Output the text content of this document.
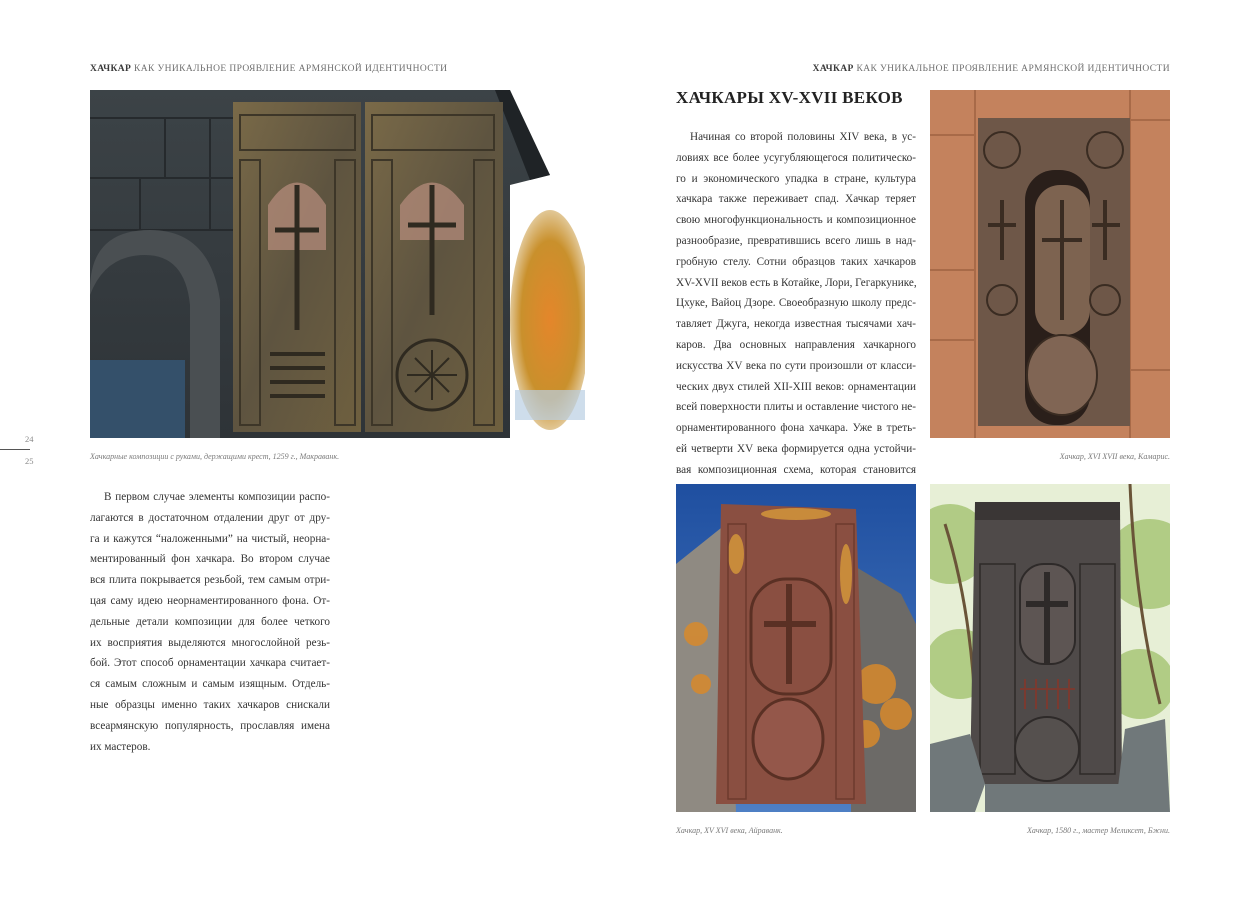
ХАЧКАР КАК УНИКАЛЬНОЕ ПРОЯВЛЕНИЕ АРМЯНСКОЙ ИДЕНТИЧНОСТИ	ХАЧКАР КАК УНИКАЛЬНОЕ ПРОЯВЛЕНИЕ АРМЯНСКОЙ ИДЕНТИЧНОСТИ
24
25	Хачкарные композиции с руками, держащими крест, 1259 г., Макраванк.
В первом случае элементы композиции распо-
лагаются в достаточном отдалении друг от дру-
га и кажутся “наложенными” на чистый, неорна-
ментированный фон хачкара. Во втором случае
вся плита покрывается резьбой, тем самым отри-
цая саму идею неорнаментированного фона. От-
дельные детали композиции для более четкого
их восприятия выделяются многослойной резь-
бой. Этот способ орнаментации хачкара считает-
ся самым сложным и самым изящным. Отдель-
ные образцы именно таких хачкаров снискали
всеармянскую популярность, прославляя имена
их мастеров.
ХАЧКАРЫ XV-XVII ВЕКОВ
Начиная со второй половины XIV века, в ус-
ловиях все более усугубляющегося политическо-
го и экономического упадка в стране, культура
хачкара также переживает спад. Хачкар теряет
свою многофункциональность и композиционное
разнообразие, превратившись всего лишь в над-
гробную стелу. Сотни образцов таких хачкаров
XV-XVII веков есть в Котайке, Лори, Гегаркунике,
Цхуке, Вайоц Дзоре. Своеобразную школу предс-
тавляет Джуга, некогда известная тысячами хач-
каров. Два основных направления хачкарного
искусства XV века по сути произошли от класси-
ческих двух стилей XII-XIII веков: орнаментации
всей поверхности плиты и оставление чистого не-
орнаментированного фона хачкара. Уже в треть-
ей четверти XV века формируется одна устойчи-
вая композиционная схема, которая становится
Хачкар, XVI XVII века, Камарис.
Хачкар, XV XVI века, Айраванк.	Хачкар, 1580 г., мастер Меликсет, Бжни.
